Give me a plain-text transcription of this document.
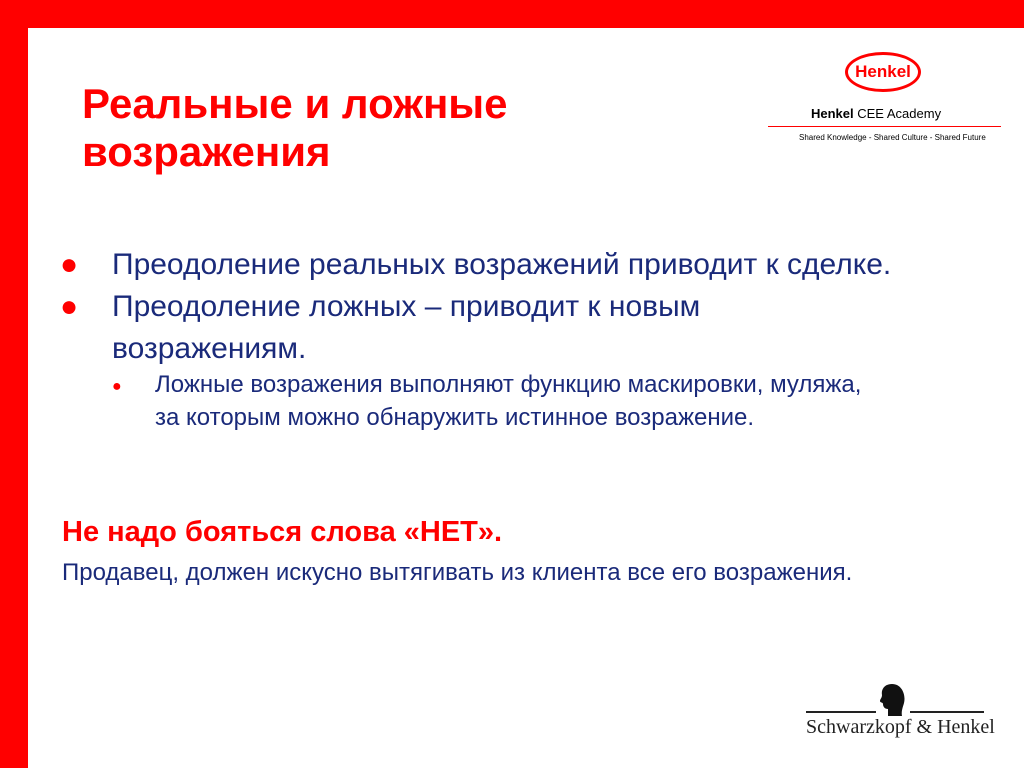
Реальные и ложные
возражения
Henkel
Henkel CEE Academy
Shared Knowledge - Shared Culture - Shared Future
● Преодоление реальных возражений приводит к сделке.
● Преодоление ложных – приводит к новым
возражениям.
● Ложные возражения выполняют функцию маскировки, муляжа,
за которым можно обнаружить истинное возражение.
Не надо бояться слова «НЕТ».
Продавец, должен искусно вытягивать из клиента все его возражения.
Schwarzkopf & Henkel
